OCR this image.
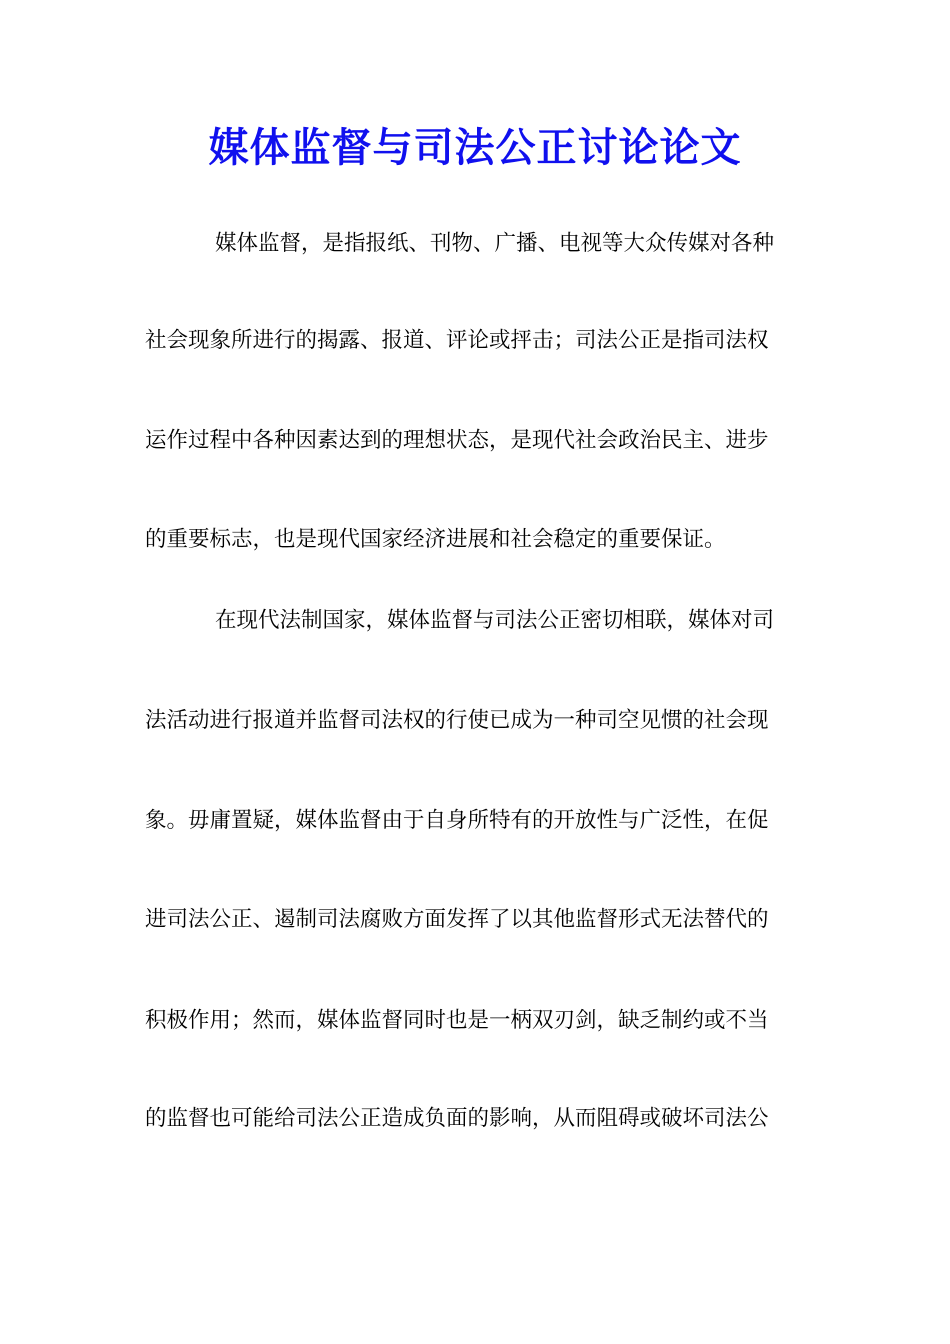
媒体监督与司法公正讨论论文

媒体监督，是指报纸、刊物、广播、电视等大众传媒对各种

社会现象所进行的揭露、报道、评论或抨击；司法公正是指司法权

运作过程中各种因素达到的理想状态，是现代社会政治民主、进步

的重要标志，也是现代国家经济进展和社会稳定的重要保证。

在现代法制国家，媒体监督与司法公正密切相联，媒体对司

法活动进行报道并监督司法权的行使已成为一种司空见惯的社会现

象。毋庸置疑，媒体监督由于自身所特有的开放性与广泛性，在促

进司法公正、遏制司法腐败方面发挥了以其他监督形式无法替代的

积极作用；然而，媒体监督同时也是一柄双刃剑，缺乏制约或不当

的监督也可能给司法公正造成负面的影响，从而阻碍或破坏司法公
